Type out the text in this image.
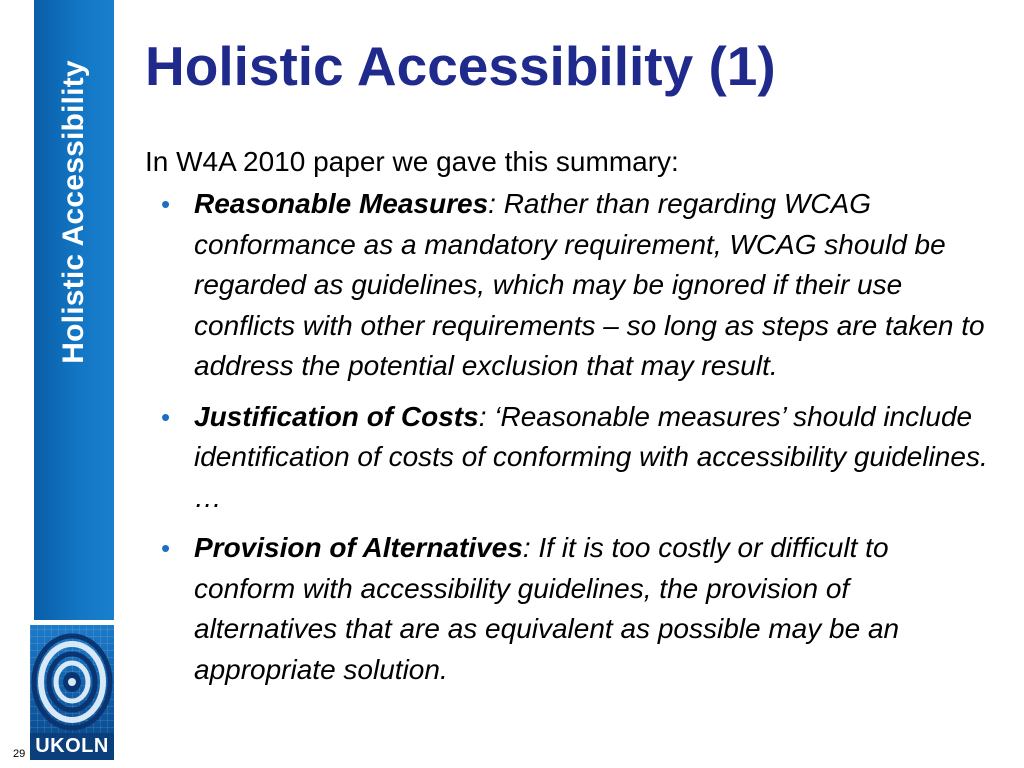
Holistic Accessibility
UKOLN
29
Holistic Accessibility (1)

In W4A 2010 paper we gave this summary:

• Reasonable Measures: Rather than regarding WCAG conformance as a mandatory requirement, WCAG should be regarded as guidelines, which may be ignored if their use conflicts with other requirements – so long as steps are taken to address the potential exclusion that may result.
• Justification of Costs: ‘Reasonable measures’ should include identification of costs of conforming with accessibility guidelines. …
• Provision of Alternatives: If it is too costly or difficult to conform with accessibility guidelines, the provision of alternatives that are as equivalent as possible may be an appropriate solution.
